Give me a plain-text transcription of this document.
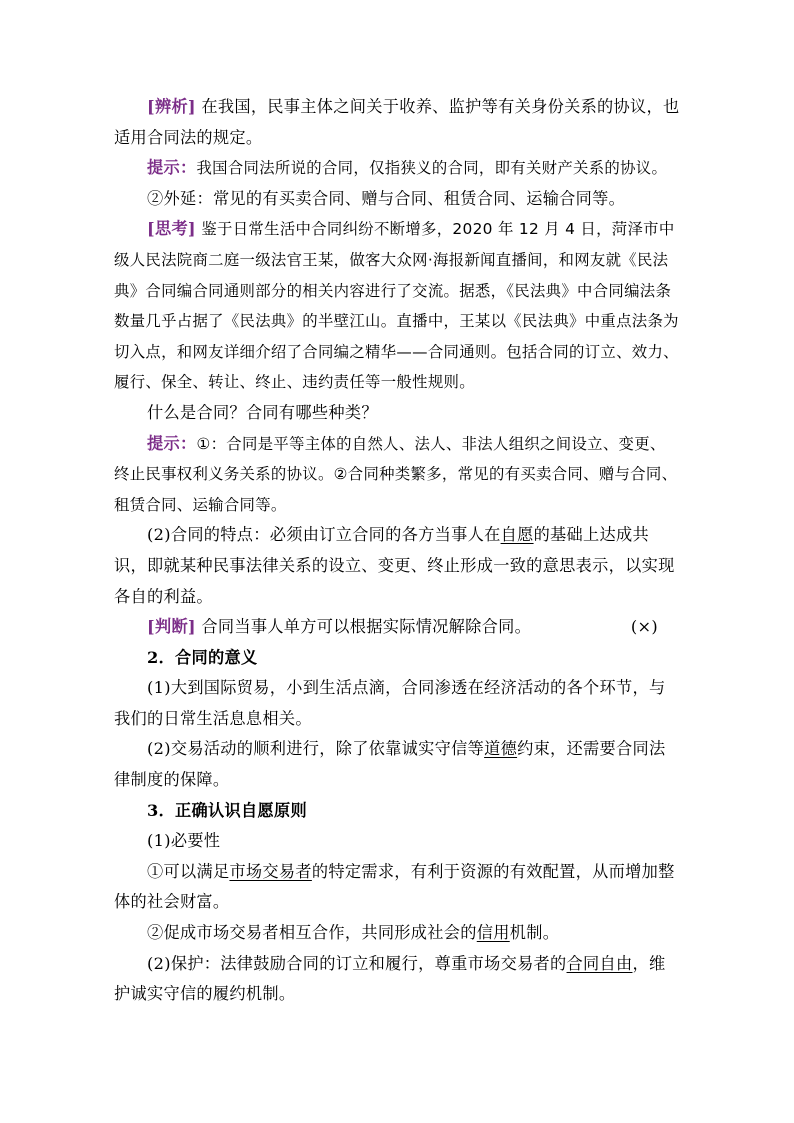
[辨析] 在我国，民事主体之间关于收养、监护等有关身份关系的协议，也适用合同法的规定。

提示：我国合同法所说的合同，仅指狭义的合同，即有关财产关系的协议。

②外延：常见的有买卖合同、赠与合同、租赁合同、运输合同等。

[思考] 鉴于日常生活中合同纠纷不断增多，2020 年 12 月 4 日，菏泽市中级人民法院商二庭一级法官王某，做客大众网·海报新闻直播间，和网友就《民法典》合同编合同通则部分的相关内容进行了交流。据悉，《民法典》中合同编法条数量几乎占据了《民法典》的半壁江山。直播中，王某以《民法典》中重点法条为切入点，和网友详细介绍了合同编之精华——合同通则。包括合同的订立、效力、履行、保全、转让、终止、违约责任等一般性规则。

什么是合同？合同有哪些种类？

提示：①：合同是平等主体的自然人、法人、非法人组织之间设立、变更、终止民事权利义务关系的协议。②合同种类繁多，常见的有买卖合同、赠与合同、租赁合同、运输合同等。

(2)合同的特点：必须由订立合同的各方当事人在自愿的基础上达成共识，即就某种民事法律关系的设立、变更、终止形成一致的意思表示，以实现各自的利益。

[判断] 合同当事人单方可以根据实际情况解除合同。	(×)

2．合同的意义

(1)大到国际贸易，小到生活点滴，合同渗透在经济活动的各个环节，与我们的日常生活息息相关。

(2)交易活动的顺利进行，除了依靠诚实守信等道德约束，还需要合同法律制度的保障。

3．正确认识自愿原则

(1)必要性

①可以满足市场交易者的特定需求，有利于资源的有效配置，从而增加整体的社会财富。

②促成市场交易者相互合作，共同形成社会的信用机制。

(2)保护：法律鼓励合同的订立和履行，尊重市场交易者的合同自由，维护诚实守信的履约机制。
